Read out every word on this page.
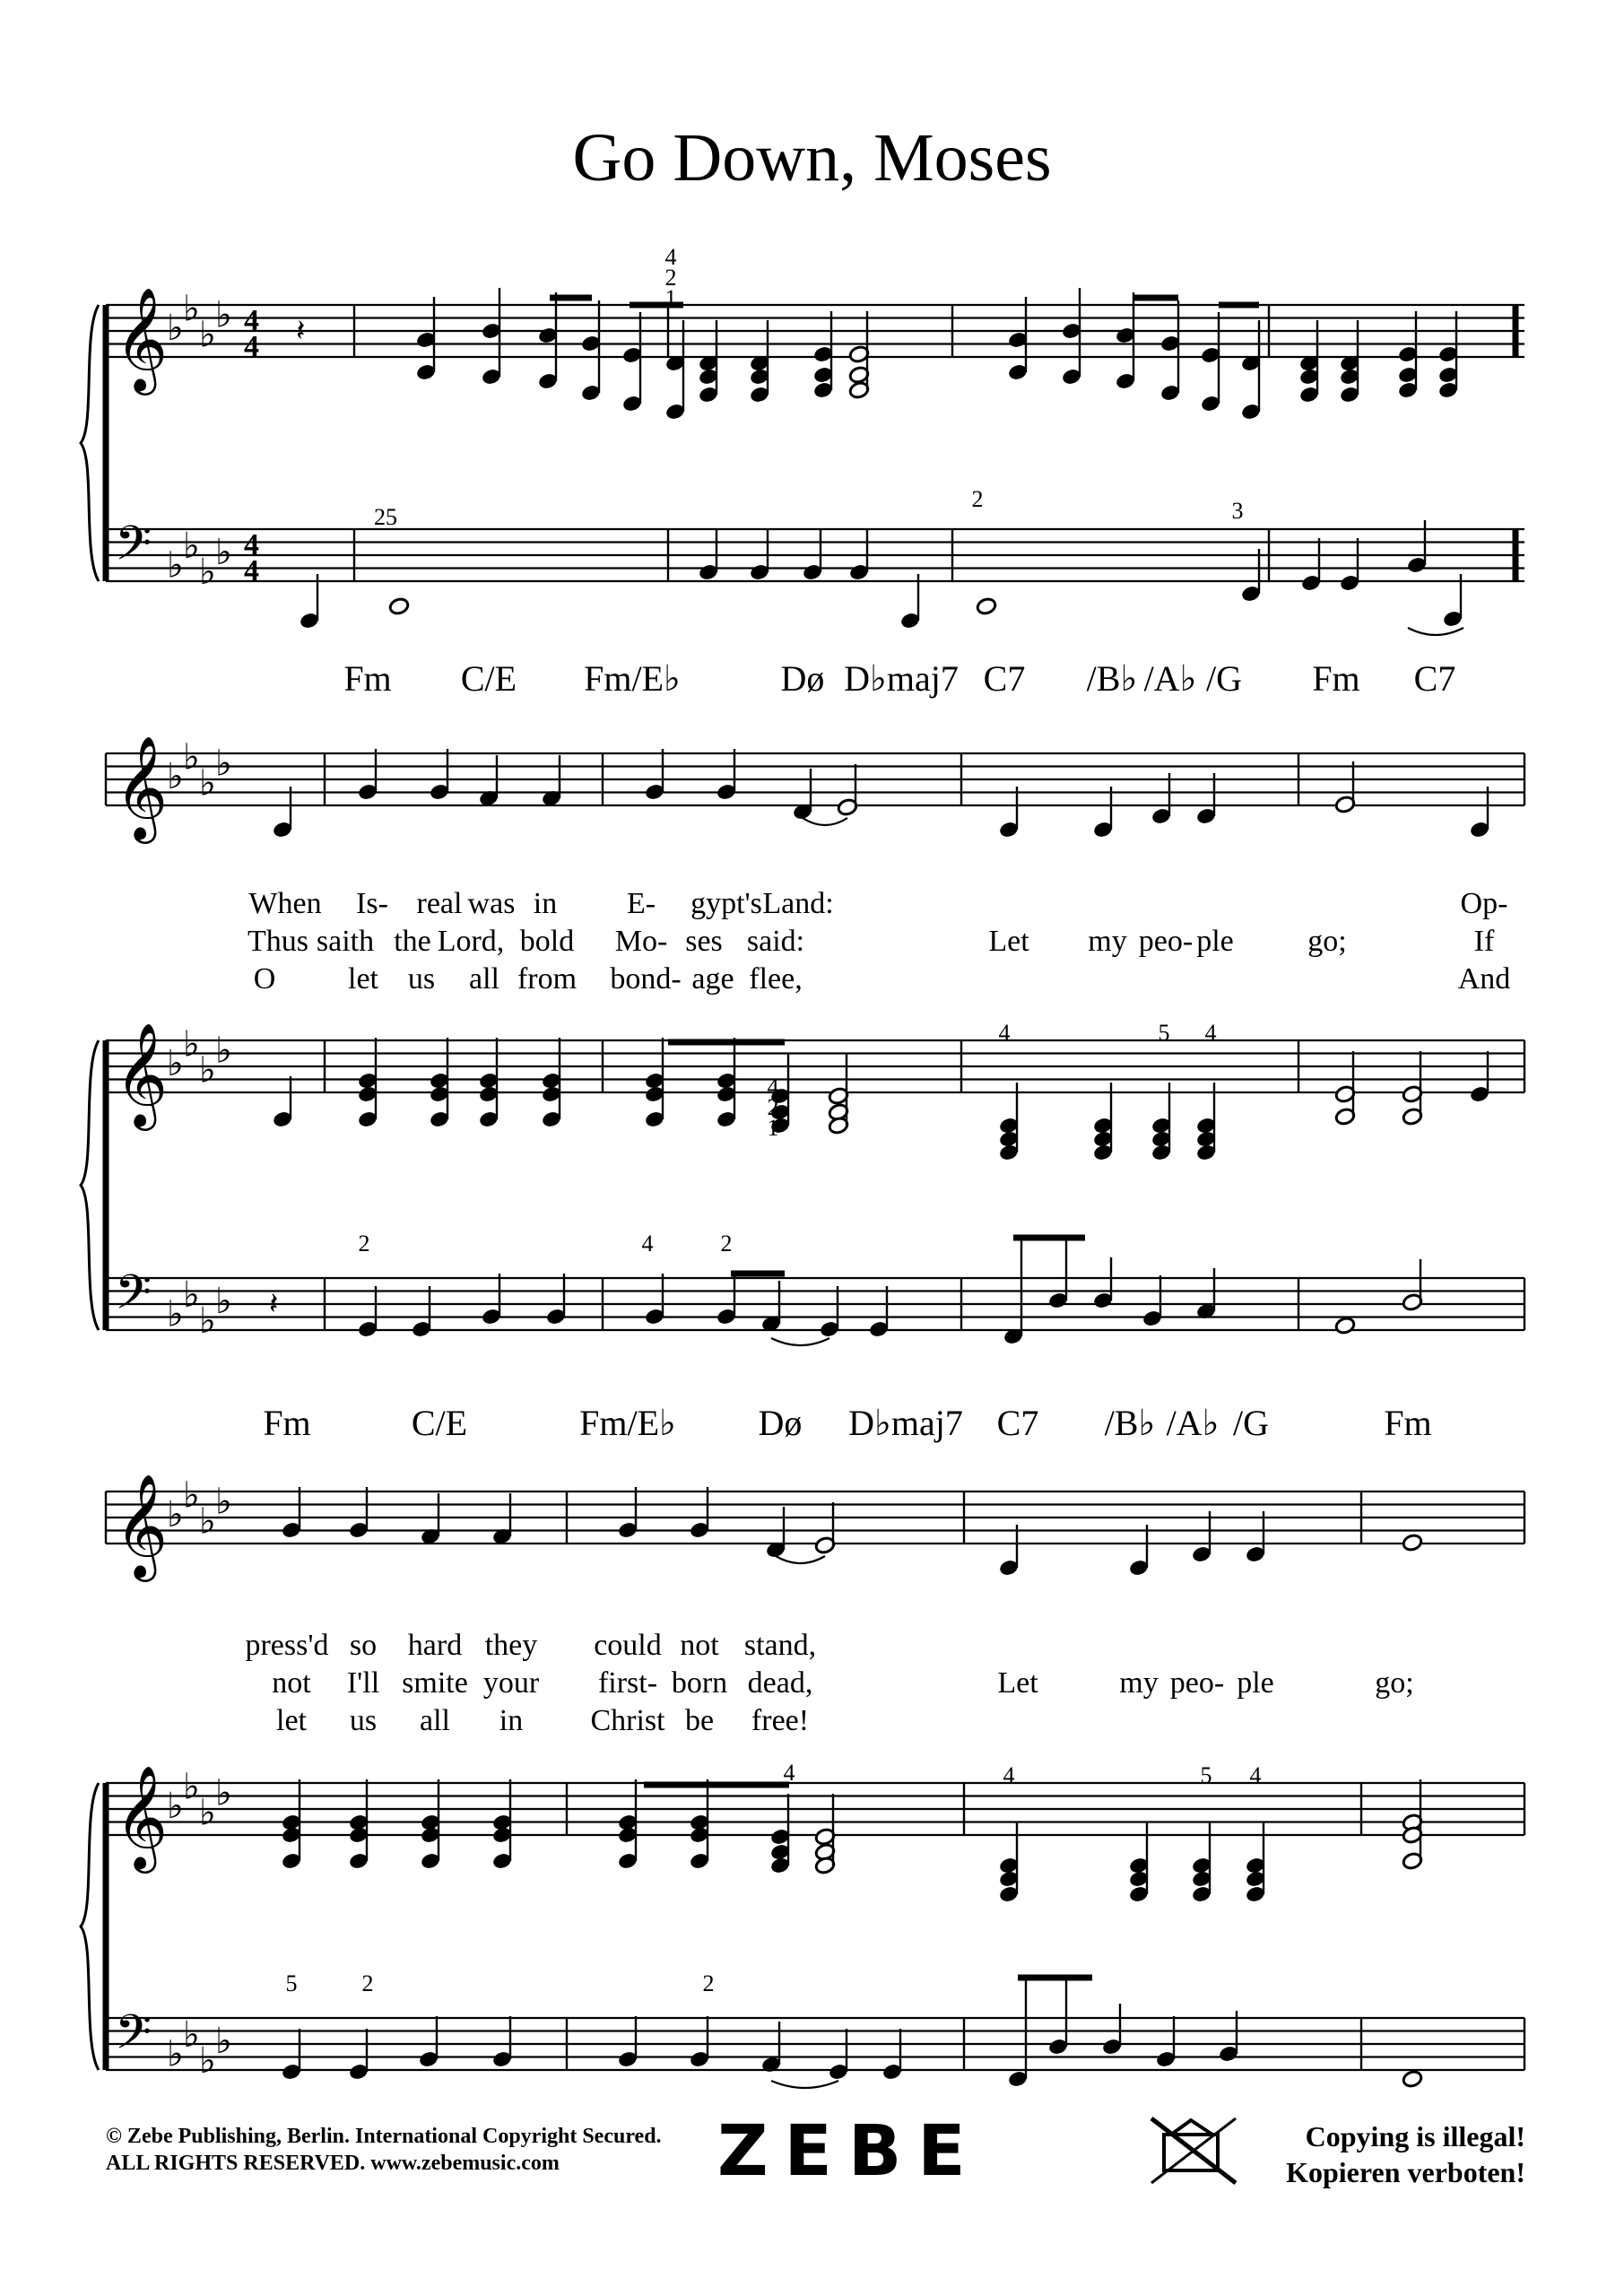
Go Down, Moses
𝄞
𝄢
♭ ♭
♭ ♭
♭ ♭
♭ ♭
4
4
4
4
𝄞
♭ ♭
♭ ♭
𝄞
𝄢
♭ ♭
♭ ♭
♭ ♭
♭ ♭
𝄞
♭ ♭
♭ ♭
𝄞
𝄢
♭ ♭
♭ ♭
♭ ♭
♭ ♭
𝄽
𝄽
Fm C/E Fm/E♭	Dø D♭maj7 C7 /B♭ /A♭ /G Fm C7
Fm	C/E	Fm/E♭ Dø D♭maj7 C7 /B♭ /A♭ /G	Fm
When Is- real was in E- gypt's Land:	Op-
Thus saith the Lord, bold Mo- ses said:	Let my peo- ple go;	If
O let us all from bond- age flee,	And
press'd so hard they could not stand,
not I'll smite your first- born dead,	Let	my peo- ple	go;
let us all in Christ be free!
4
2
1
25
2	3
4
2
1
4	5 4
2	4	2
4	4	5 4
5	2	2
© Zebe Publishing, Berlin. International Copyright Secured.
ALL RIGHTS RESERVED. www.zebemusic.com	ZEBE	Copying is illegal!
Kopieren verboten!
